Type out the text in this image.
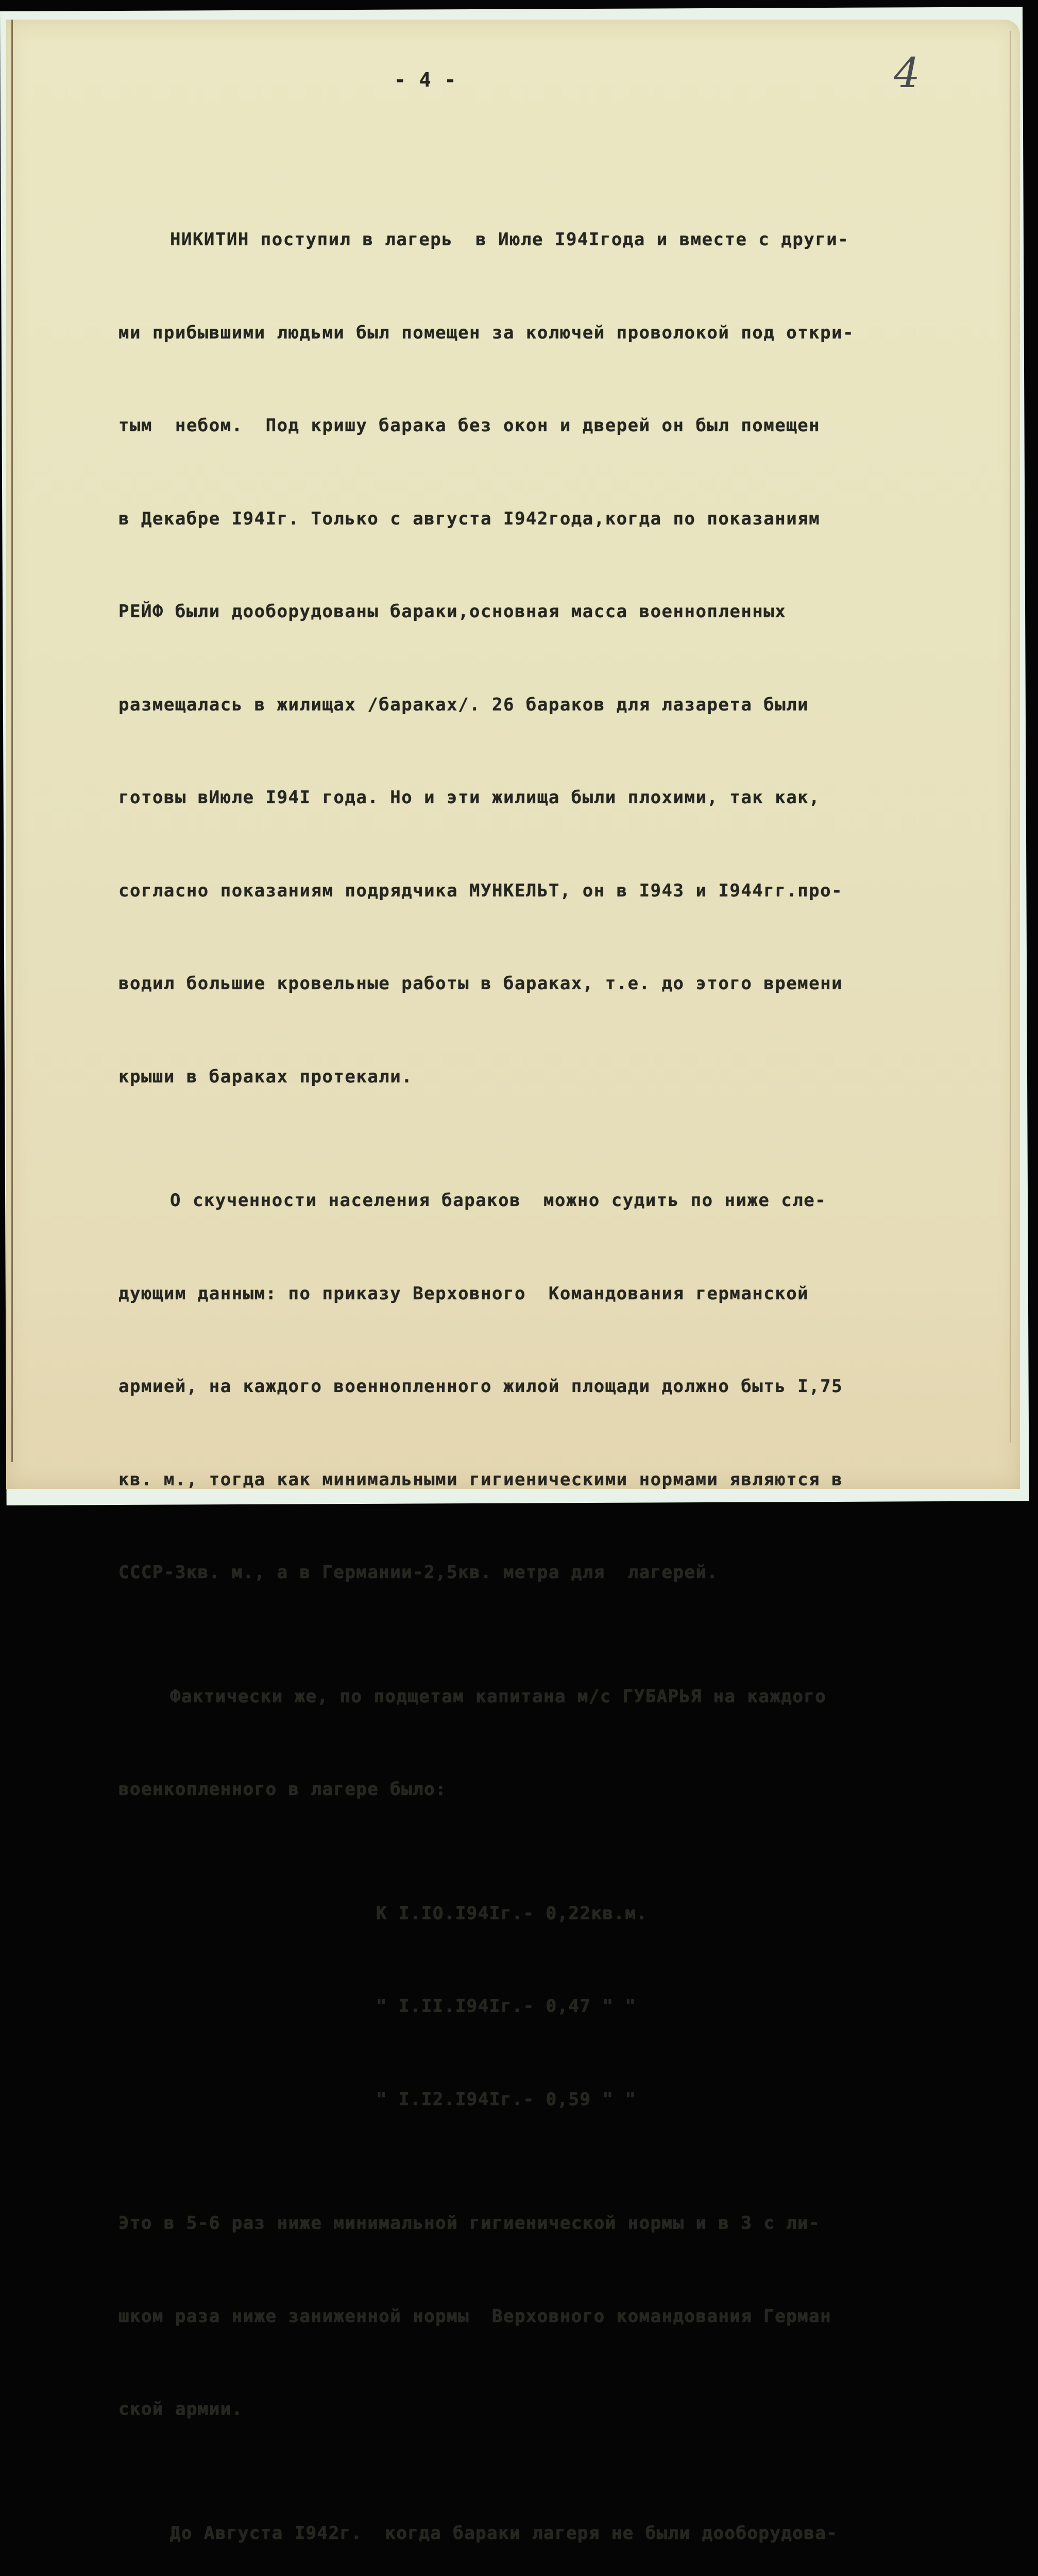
- 4 -	4

НИКИТИН поступил в лагерь  в Июле I94Iгода и вместе с други-

ми прибывшими людьми был помещен за колючей проволокой под откри-

тым  небом.  Под кришу барака без окон и дверей он был помещен

в Декабре I94Iг. Только с августа I942года,когда по показаниям

РЕЙФ были дооборудованы бараки,основная масса военнопленных

размещалась в жилищах /бараках/. 26 бараков для лазарета были

готовы вИюле I94I года. Но и эти жилища были плохими, так как,

согласно показаниям подрядчика МУНКЕЛЬТ, он в I943 и I944гг.про-

водил большие кровельные работы в бараках, т.е. до этого времени

крыши в бараках протекали.

О скученности населения бараков  можно судить по ниже сле-

дующим данным: по приказу Верховного  Командования германской

армией, на каждого военнопленного жилой площади должно быть I,75

кв. м., тогда как минимальными гигиеническими нормами являются в

СССР-3кв. м., а в Германии-2,5кв. метра для  лагерей.

Фактически же, по подщетам капитана м/с ГУБАРЬЯ на каждого

военкопленного в лагере было:

К I.IO.I94Iг.- 0,22кв.м.

" I.II.I94Iг.- 0,47 " "

" I.I2.I94Iг.- 0,59 " "

Это в 5-6 раз ниже минимальной гигиенической нормы и в 3 с ли-

шком раза ниже заниженной нормы  Верховного командования Герман

ской армии.

До Августа I942г.  когда бараки лагеря не были дооборудова-
